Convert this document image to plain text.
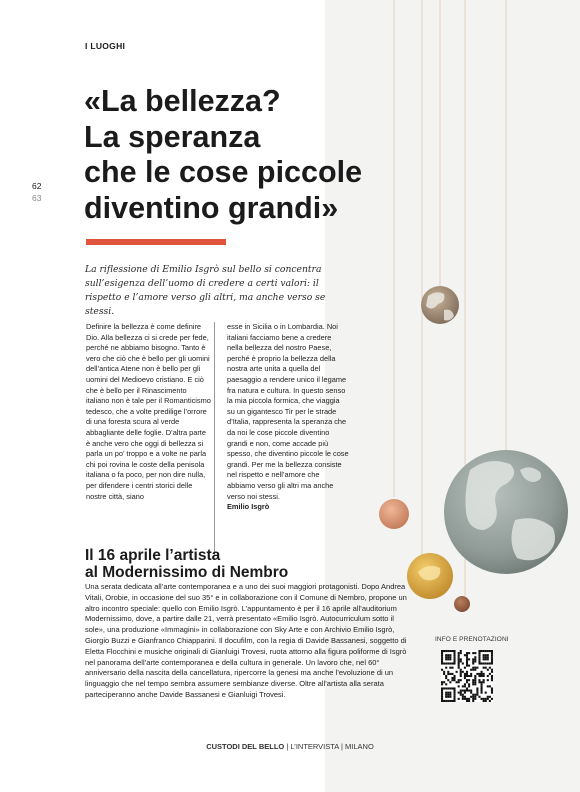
I LUOGHI
62
63
«La bellezza?
La speranza
che le cose piccole
diventino grandi»

La riflessione di Emilio Isgrò sul bello si concentra sull’esigenza dell’uomo di credere a certi valori: il rispetto e l’amore verso gli altri, ma anche verso se stessi.

Definire la bellezza è come definire Dio. Alla bellezza ci si crede per fede, perché ne abbiamo bisogno. Tanto è vero che ciò che è bello per gli uomini dell’antica Atene non è bello per gli uomini del Medioevo cristiano. E ciò che è bello per il Rinascimento italiano non è tale per il Romanticismo tedesco, che a volte predilige l’orrore di una foresta scura al verde abbagliante delle foglie. D’altra parte è anche vero che oggi di bellezza si parla un po’ troppo e a volte ne parla chi poi rovina le coste della penisola italiana o fa poco, per non dire nulla, per difendere i centri storici delle nostre città, siano
esse in Sicilia o in Lombardia. Noi italiani facciamo bene a credere nella bellezza del nostro Paese, perché è proprio la bellezza della nostra arte unita a quella del paesaggio a rendere unico il legame fra natura e cultura. In questo senso la mia piccola formica, che viaggia su un gigantesco Tir per le strade d’Italia, rappresenta la speranza che da noi le cose piccole diventino grandi e non, come accade più spesso, che diventino piccole le cose grandi. Per me la bellezza consiste nel rispetto e nell’amore che abbiamo verso gli altri ma anche verso noi stessi.
Emilio Isgrò
Il 16 aprile l’artista
al Modernissimo di Nembro
Una serata dedicata all’arte contemporanea e a uno dei suoi maggiori protagonisti. Dopo Andrea Vitali, Orobie, in occasione del suo 35° e in collaborazione con il Comune di Nembro, propone un altro incontro speciale: quello con Emilio Isgrò. L’appuntamento è per il 16 aprile all’auditorium Modernissimo, dove, a partire dalle 21, verrà presentato «Emilio Isgrò. Autocurriculum sotto il sole», una produzione «Immagini» in collaborazione con Sky Arte e con Archivio Emilio Isgrò, Giorgio Buzzi e Gianfranco Chiapparini. Il docufilm, con la regia di Davide Bassanesi, soggetto di Eletta Flocchini e musiche originali di Gianluigi Trovesi, ruota attorno alla figura poliforme di Isgrò nel panorama dell’arte contemporanea e della cultura in generale. Un lavoro che, nel 60° anniversario della nascita della cancellatura, ripercorre la genesi ma anche l’evoluzione di un linguaggio che nel tempo sembra assumere sembianze diverse. Oltre all’artista alla serata parteciperanno anche Davide Bassanesi e Gianluigi Trovesi.
INFO E PRENOTAZIONI
CUSTODI DEL BELLO | L’INTERVISTA | MILANO
